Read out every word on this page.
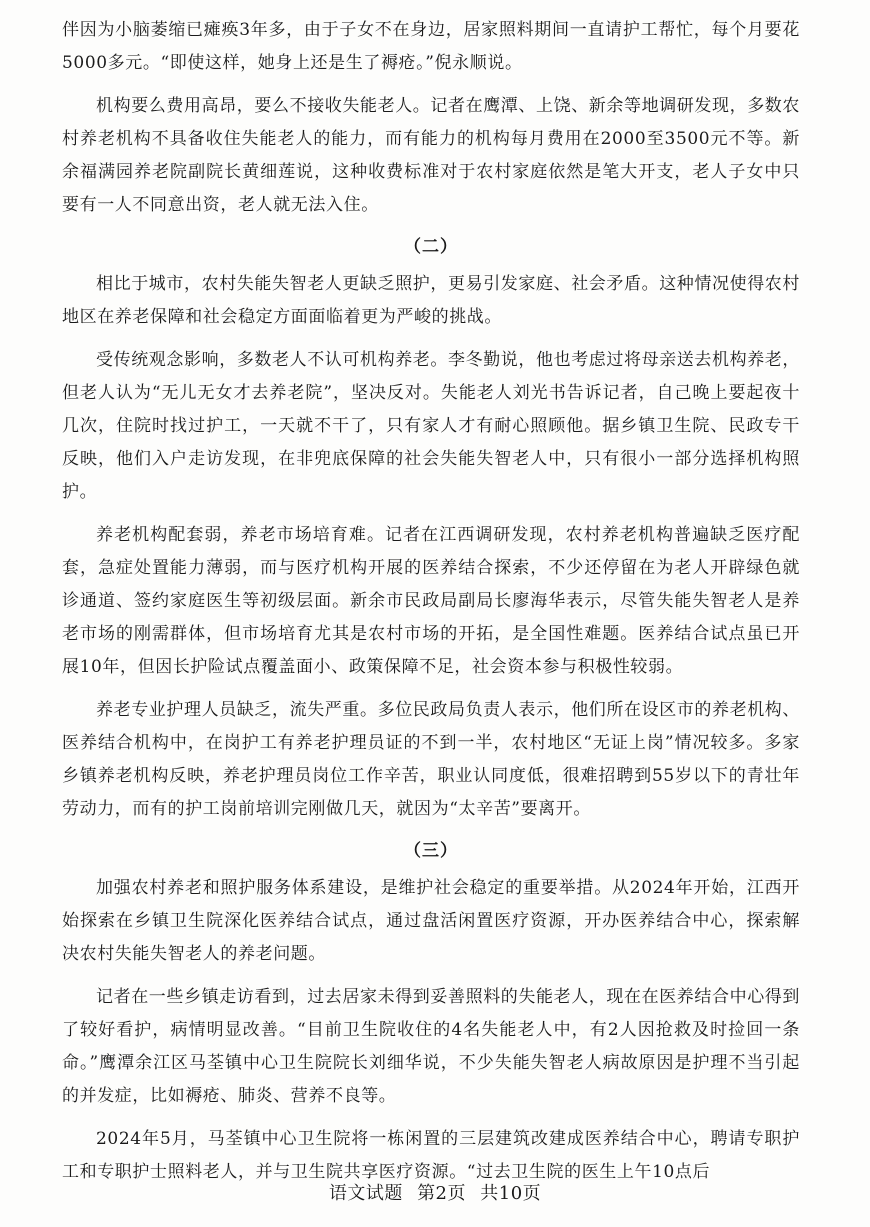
伴因为小脑萎缩已瘫痪3年多，由于子女不在身边，居家照料期间一直请护工帮忙，每个月要花5000多元。“即使这样，她身上还是生了褥疮。”倪永顺说。

机构要么费用高昂，要么不接收失能老人。记者在鹰潭、上饶、新余等地调研发现，多数农村养老机构不具备收住失能老人的能力，而有能力的机构每月费用在2000至3500元不等。新余福满园养老院副院长黄细莲说，这种收费标准对于农村家庭依然是笔大开支，老人子女中只要有一人不同意出资，老人就无法入住。

（二）

相比于城市，农村失能失智老人更缺乏照护，更易引发家庭、社会矛盾。这种情况使得农村地区在养老保障和社会稳定方面面临着更为严峻的挑战。

受传统观念影响，多数老人不认可机构养老。李冬勤说，他也考虑过将母亲送去机构养老，但老人认为“无儿无女才去养老院”，坚决反对。失能老人刘光书告诉记者，自己晚上要起夜十几次，住院时找过护工，一天就不干了，只有家人才有耐心照顾他。据乡镇卫生院、民政专干反映，他们入户走访发现，在非兜底保障的社会失能失智老人中，只有很小一部分选择机构照护。

养老机构配套弱，养老市场培育难。记者在江西调研发现，农村养老机构普遍缺乏医疗配套，急症处置能力薄弱，而与医疗机构开展的医养结合探索，不少还停留在为老人开辟绿色就诊通道、签约家庭医生等初级层面。新余市民政局副局长廖海华表示，尽管失能失智老人是养老市场的刚需群体，但市场培育尤其是农村市场的开拓，是全国性难题。医养结合试点虽已开展10年，但因长护险试点覆盖面小、政策保障不足，社会资本参与积极性较弱。

养老专业护理人员缺乏，流失严重。多位民政局负责人表示，他们所在设区市的养老机构、医养结合机构中，在岗护工有养老护理员证的不到一半，农村地区“无证上岗”情况较多。多家乡镇养老机构反映，养老护理员岗位工作辛苦，职业认同度低，很难招聘到55岁以下的青壮年劳动力，而有的护工岗前培训完刚做几天，就因为“太辛苦”要离开。

（三）

加强农村养老和照护服务体系建设，是维护社会稳定的重要举措。从2024年开始，江西开始探索在乡镇卫生院深化医养结合试点，通过盘活闲置医疗资源，开办医养结合中心，探索解决农村失能失智老人的养老问题。

记者在一些乡镇走访看到，过去居家未得到妥善照料的失能老人，现在在医养结合中心得到了较好看护，病情明显改善。“目前卫生院收住的4名失能老人中，有2人因抢救及时捡回一条命。”鹰潭余江区马荃镇中心卫生院院长刘细华说，不少失能失智老人病故原因是护理不当引起的并发症，比如褥疮、肺炎、营养不良等。

2024年5月，马荃镇中心卫生院将一栋闲置的三层建筑改建成医养结合中心，聘请专职护工和专职护士照料老人，并与卫生院共享医疗资源。“过去卫生院的医生上午10点后

语文试题 第2页 共10页
